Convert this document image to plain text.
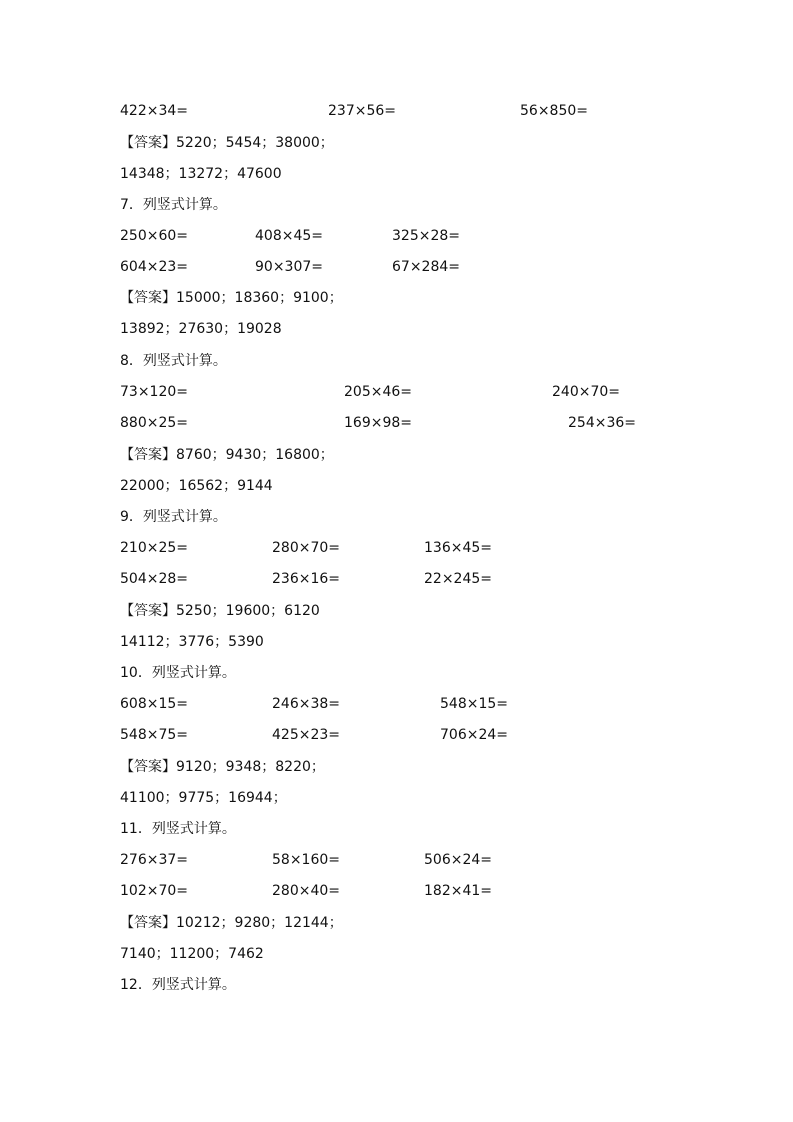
422×34=	237×56=	56×850=
【答案】5220；5454；38000；
14348；13272；47600
7．列竖式计算。
250×60=	408×45=	325×28=
604×23=	90×307=	67×284=
【答案】15000；18360；9100；
13892；27630；19028
8．列竖式计算。
73×120=	205×46=	240×70=
880×25=	169×98=	254×36=
【答案】8760；9430；16800；
22000；16562；9144
9．列竖式计算。
210×25=	280×70=	136×45=
504×28=	236×16=	22×245=
【答案】5250；19600；6120
14112；3776；5390
10．列竖式计算。
608×15=	246×38=	548×15=
548×75=	425×23=	706×24=
【答案】9120；9348；8220；
41100；9775；16944；
11．列竖式计算。
276×37=	58×160=	506×24=
102×70=	280×40=	182×41=
【答案】10212；9280；12144；
7140；11200；7462
12．列竖式计算。
